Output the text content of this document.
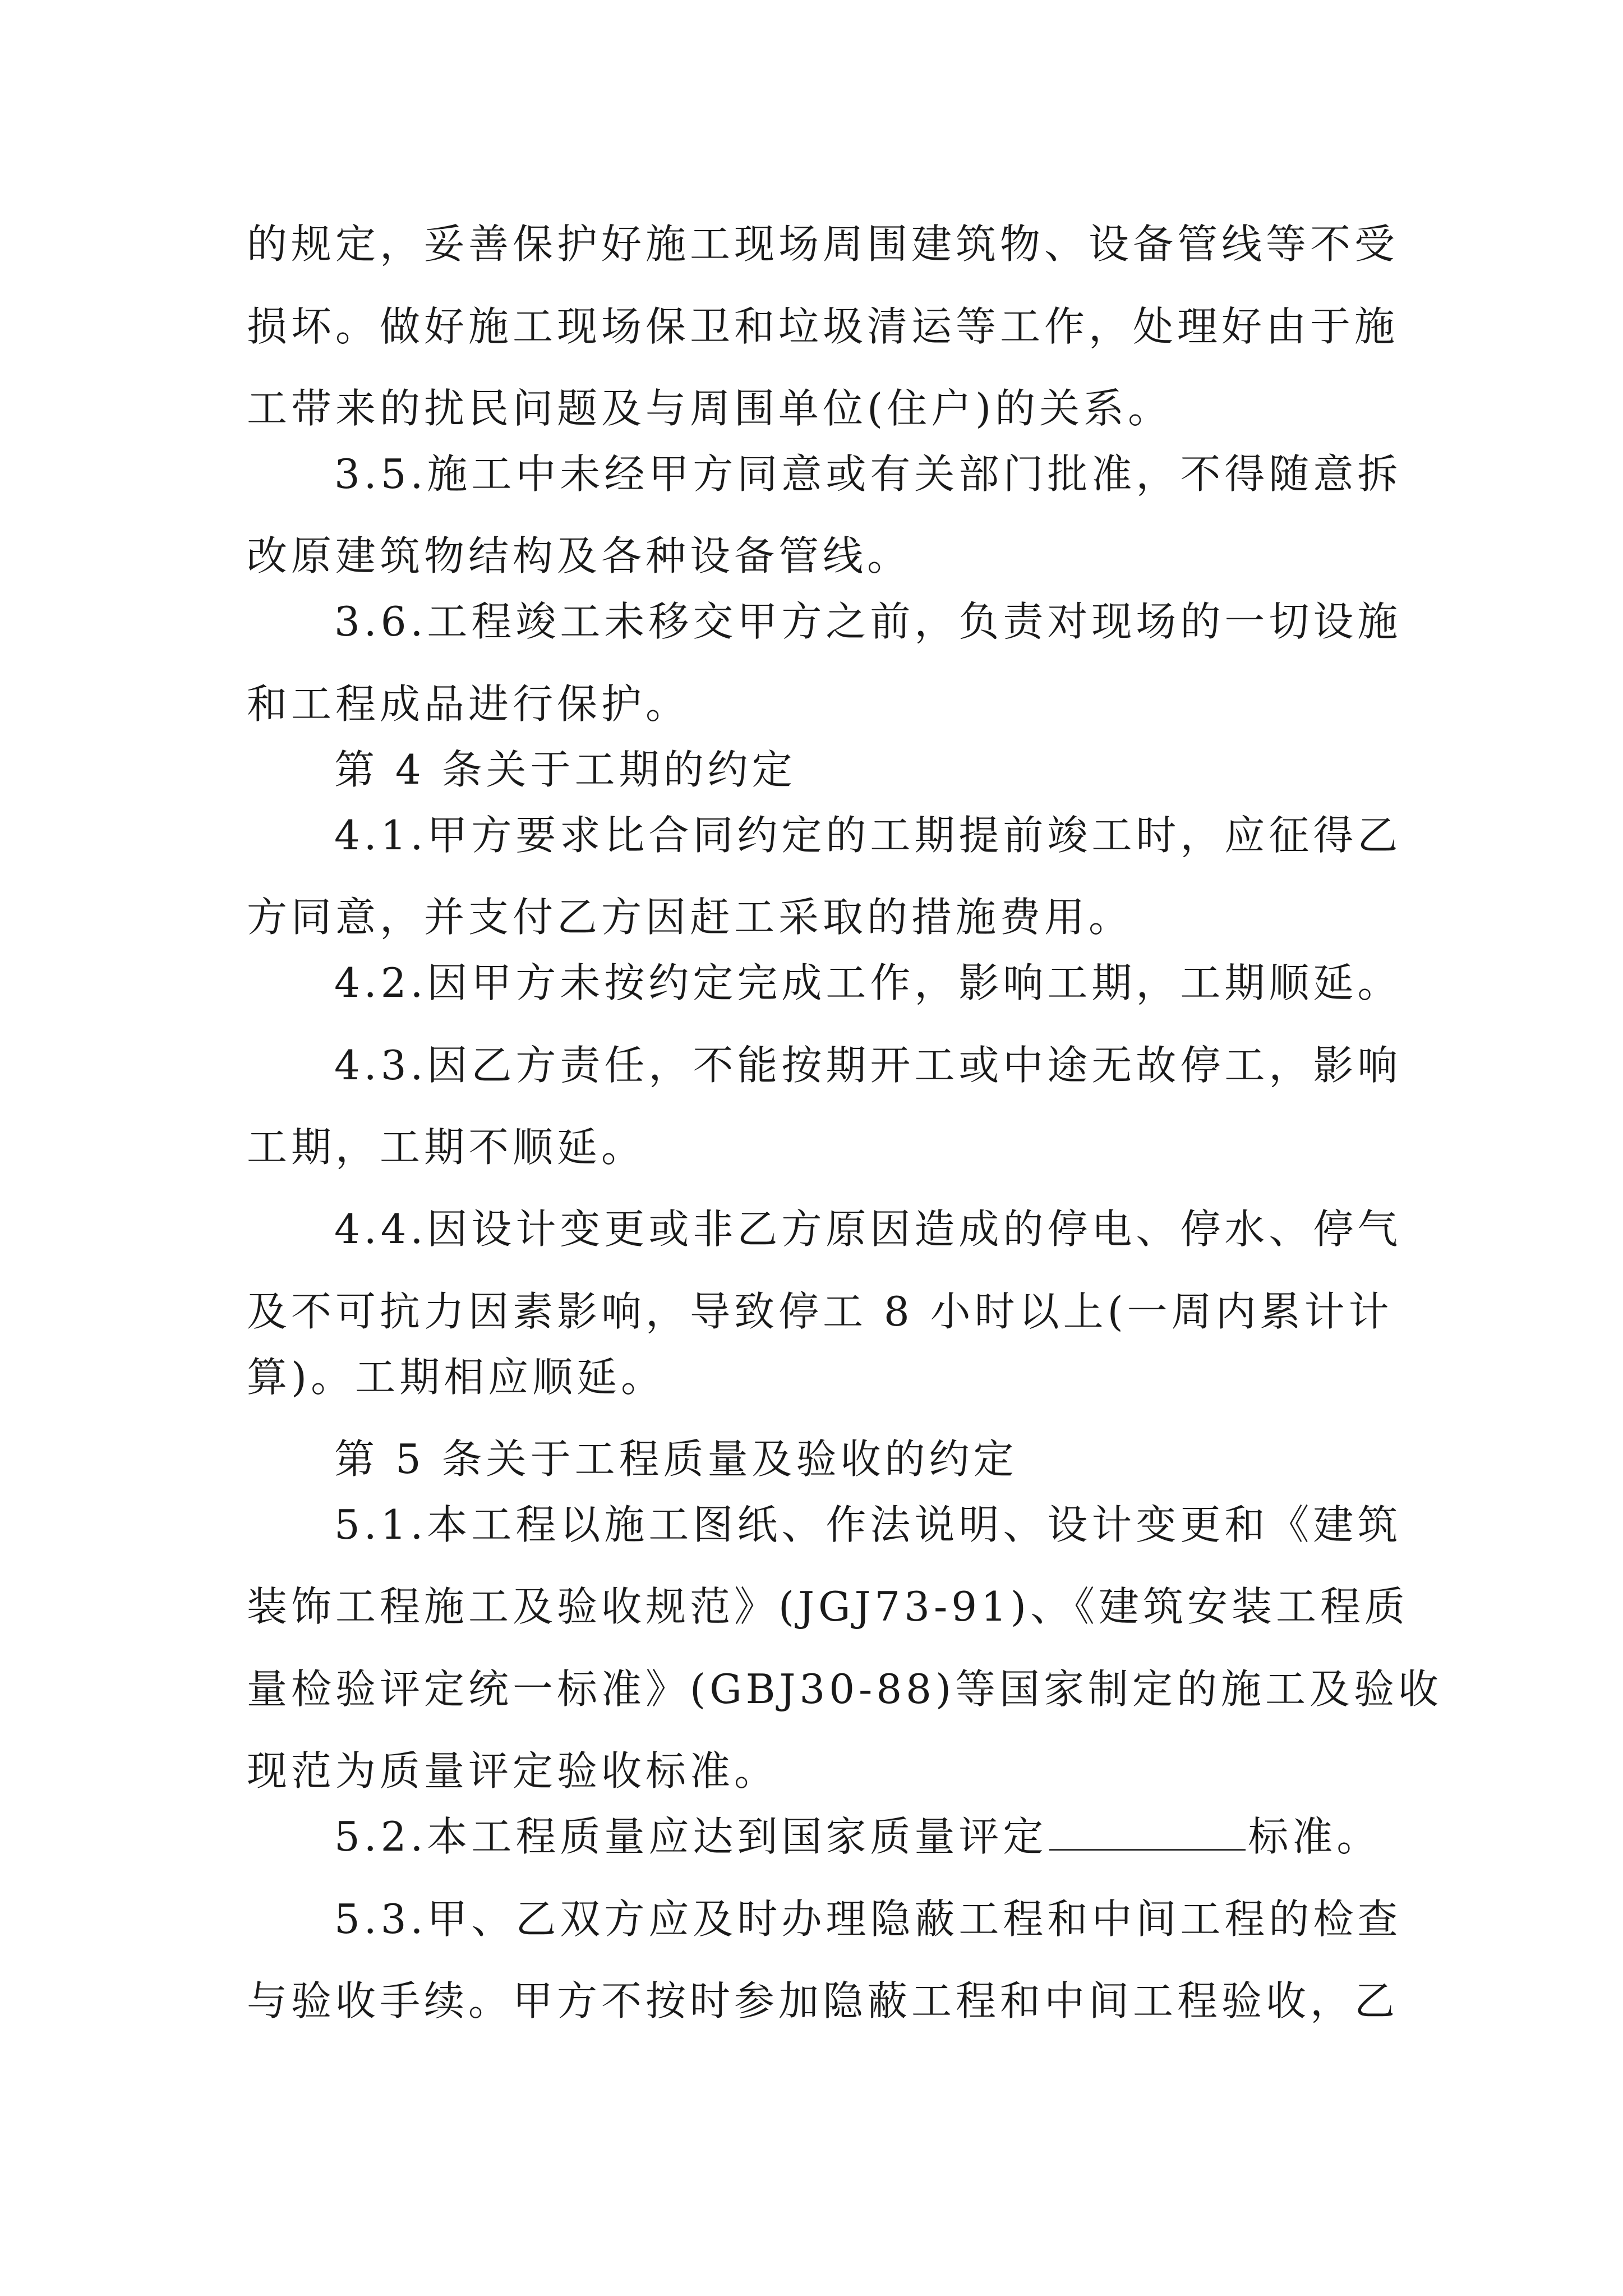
的规定，妥善保护好施工现场周围建筑物、设备管线等不受
损坏。做好施工现场保卫和垃圾清运等工作，处理好由于施
工带来的扰民问题及与周围单位(住户)的关系。
3.5.施工中未经甲方同意或有关部门批准，不得随意拆
改原建筑物结构及各种设备管线。
3.6.工程竣工未移交甲方之前，负责对现场的一切设施
和工程成品进行保护。
第 4 条关于工期的约定
4.1.甲方要求比合同约定的工期提前竣工时，应征得乙
方同意，并支付乙方因赶工采取的措施费用。
4.2.因甲方未按约定完成工作，影响工期，工期顺延。
4.3.因乙方责任，不能按期开工或中途无故停工，影响
工期，工期不顺延。
4.4.因设计变更或非乙方原因造成的停电、停水、停气
及不可抗力因素影响，导致停工 8 小时以上(一周内累计计
算)。工期相应顺延。
第 5 条关于工程质量及验收的约定
5.1.本工程以施工图纸、作法说明、设计变更和《建筑
装饰工程施工及验收规范》(JGJ73-91)、《建筑安装工程质
量检验评定统一标准》(GBJ30-88)等国家制定的施工及验收
现范为质量评定验收标准。
5.2.本工程质量应达到国家质量评定	标准。
5.3.甲、乙双方应及时办理隐蔽工程和中间工程的检查
与验收手续。甲方不按时参加隐蔽工程和中间工程验收，乙
